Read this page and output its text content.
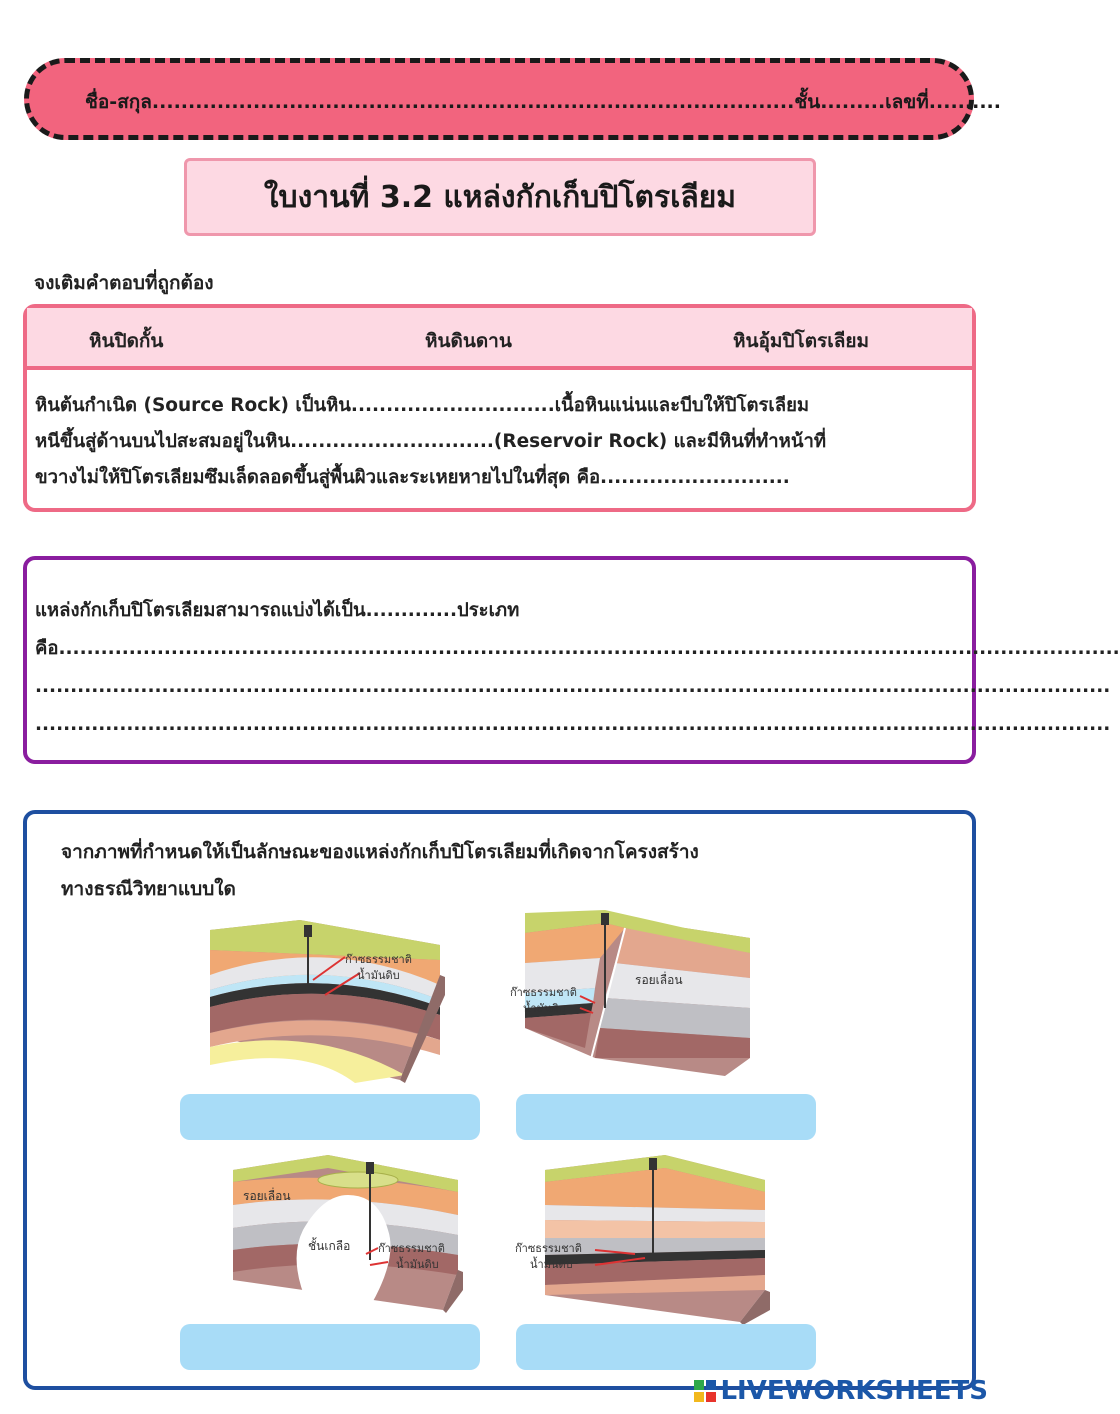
ชื่อ-สกุล.........................................................................................ชั้น.........เลขที่..........
ใบงานที่ 3.2 แหล่งกักเก็บปิโตรเลียม
จงเติมคำตอบที่ถูกต้อง
หินปิดกั้น	หินดินดาน	หินอุ้มปิโตรเลียม
หินต้นกำเนิด (Source Rock) เป็นหิน.............................เนื้อหินแน่นและบีบให้ปิโตรเลียม
หนีขึ้นสู่ด้านบนไปสะสมอยู่ในหิน.............................(Reservoir Rock) และมีหินที่ทำหน้าที่
ขวางไม่ให้ปิโตรเลียมซึมเล็ดลอดขึ้นสู่พื้นผิวและระเหยหายไปในที่สุด คือ...........................
แหล่งกักเก็บปิโตรเลียมสามารถแบ่งได้เป็น.............ประเภท
คือ.......................................................................................................................................................
.........................................................................................................................................................
.........................................................................................................................................................
จากภาพที่กำหนดให้เป็นลักษณะของแหล่งกักเก็บปิโตรเลียมที่เกิดจากโครงสร้าง
ทางธรณีวิทยาแบบใด
ก๊าซธรรมชาติ
น้ำมันดิบ
ก๊าซธรรมชาติ
น้ำมันดิบ
รอยเลื่อน
รอยเลื่อน
ชั้นเกลือ	ก๊าซธรรมชาติ
น้ำมันดิบ
ก๊าซธรรมชาติ
น้ำมันดิบ
LIVEWORKSHEETS
